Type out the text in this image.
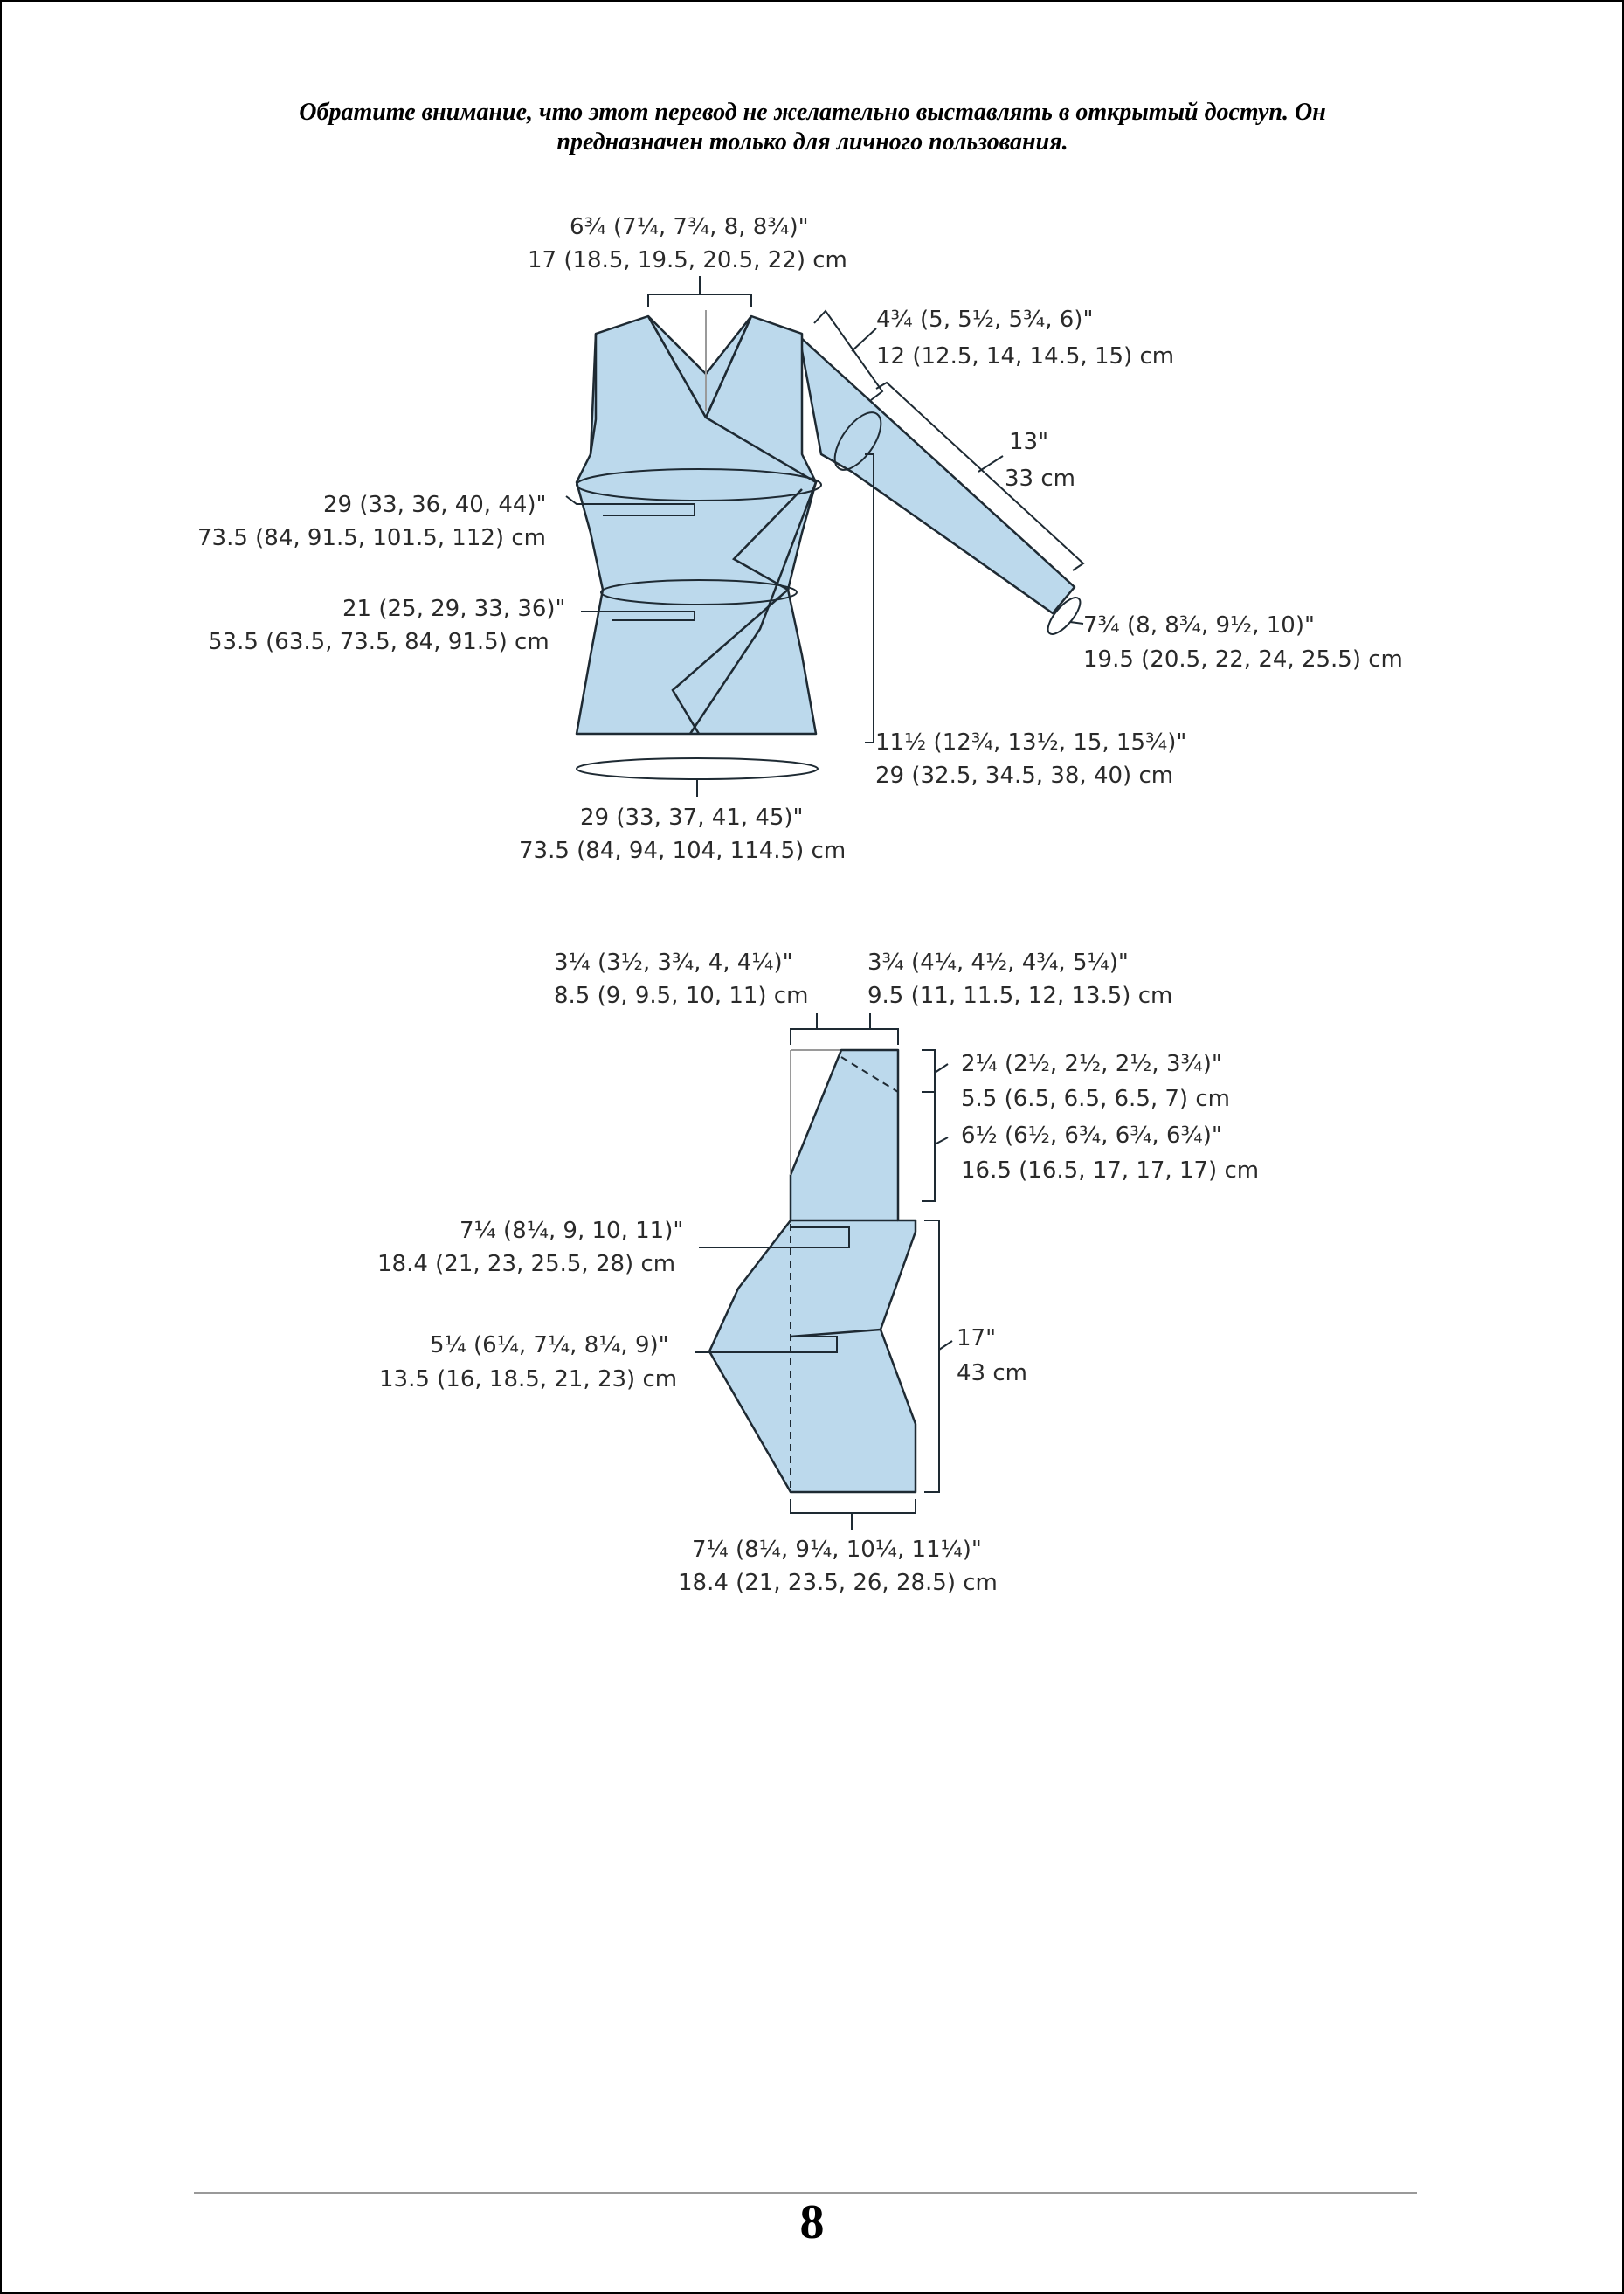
Обратите внимание, что этот перевод не желательно выставлять в открытый доступ. Он
предназначен только для личного пользования.
6¾ (7¼, 7¾, 8, 8¾)"
17 (18.5, 19.5, 20.5, 22) cm
4¾ (5, 5½, 5¾, 6)"
12 (12.5, 14, 14.5, 15) cm
13"
33 cm
29 (33, 36, 40, 44)"
73.5 (84, 91.5, 101.5, 112) cm
21 (25, 29, 33, 36)"
53.5 (63.5, 73.5, 84, 91.5) cm
7¾ (8, 8¾, 9½, 10)"
19.5 (20.5, 22, 24, 25.5) cm
11½ (12¾, 13½, 15, 15¾)"
29 (32.5, 34.5, 38, 40) cm
29 (33, 37, 41, 45)"
73.5 (84, 94, 104, 114.5) cm
3¼ (3½, 3¾, 4, 4¼)"
8.5 (9, 9.5, 10, 11) cm
3¾ (4¼, 4½, 4¾, 5¼)"
9.5 (11, 11.5, 12, 13.5) cm
2¼ (2½, 2½, 2½, 3¾)"
5.5 (6.5, 6.5, 6.5, 7) cm
6½ (6½, 6¾, 6¾, 6¾)"
16.5 (16.5, 17, 17, 17) cm
7¼ (8¼, 9, 10, 11)"
18.4 (21, 23, 25.5, 28) cm
5¼ (6¼, 7¼, 8¼, 9)"
13.5 (16, 18.5, 21, 23) cm
17"
43 cm
7¼ (8¼, 9¼, 10¼, 11¼)"
18.4 (21, 23.5, 26, 28.5) cm
8
